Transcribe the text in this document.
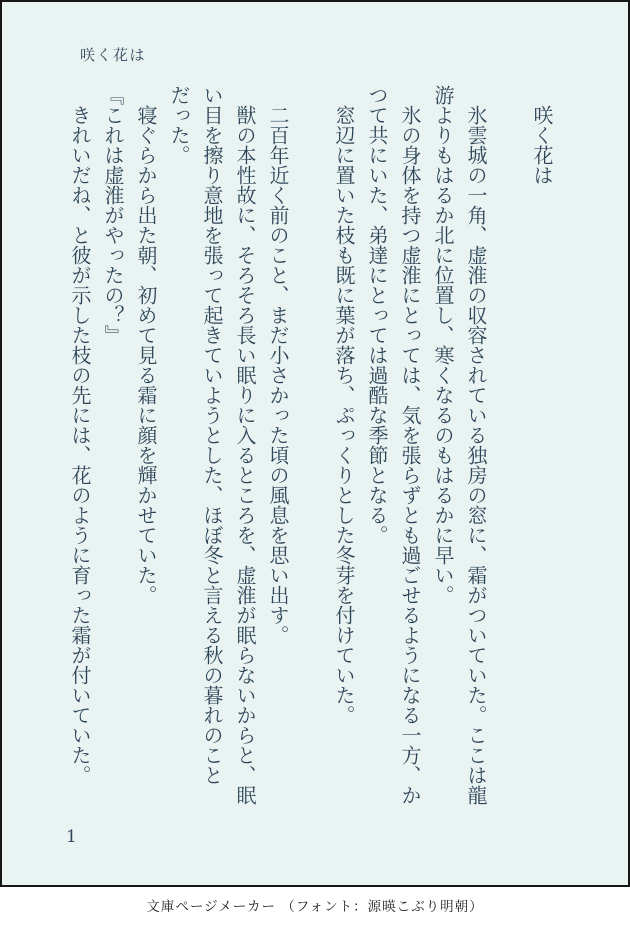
咲く花は

咲く花は

氷雲城の一角、虚淮の収容されている独房の窓に、霜がついていた。ここは龍

游よりもはるか北に位置し、寒くなるのもはるかに早い。

氷の身体を持つ虚淮にとっては、気を張らずとも過ごせるようになる一方、か

つて共にいた、弟達にとっては過酷な季節となる。

窓辺に置いた枝も既に葉が落ち、ぷっくりとした冬芽を付けていた。

二百年近く前のこと、まだ小さかった頃の風息を思い出す。

獣の本性故に、そろそろ長い眠りに入るところを、虚淮が眠らないからと、眠

い目を擦り意地を張って起きていようとした、ほぼ冬と言える秋の暮れのこと

だった。

寝ぐらから出た朝、初めて見る霜に顔を輝かせていた。

『これは虚淮がやったの？』

きれいだね、と彼が示した枝の先には、花のように育った霜が付いていた。

1
文庫ページメーカー （フォント：源暎こぶり明朝）
